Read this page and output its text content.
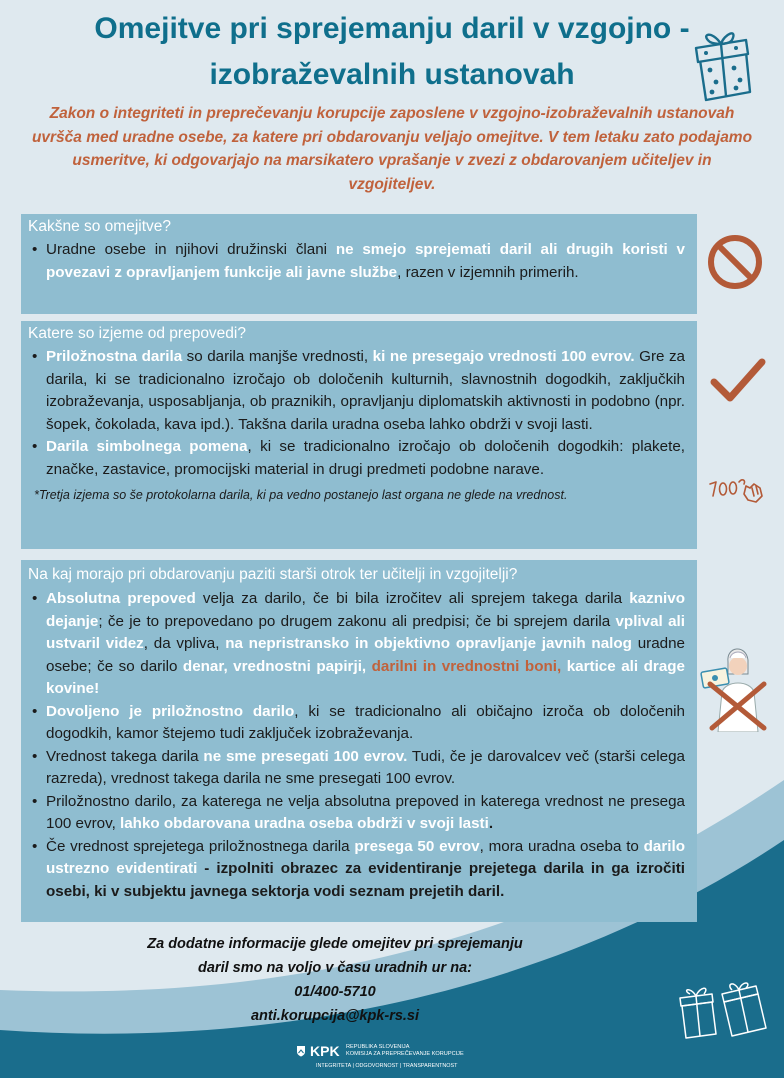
Omejitve pri sprejemanju daril v vzgojno -
izobraževalnih ustanovah
Zakon o integriteti in preprečevanju korupcije zaposlene v vzgojno-izobraževalnih ustanovah uvršča med uradne osebe, za katere pri obdarovanju veljajo omejitve. V tem letaku zato podajamo usmeritve, ki odgovarjajo na marsikatero vprašanje v zvezi z obdarovanjem učiteljev in vzgojiteljev.
Kakšne so omejitve?
• Uradne osebe in njihovi družinski člani ne smejo sprejemati daril ali drugih koristi v povezavi z opravljanjem funkcije ali javne službe, razen v izjemnih primerih.
Katere so izjeme od prepovedi?
• Priložnostna darila so darila manjše vrednosti, ki ne presegajo vrednosti 100 evrov. Gre za darila, ki se tradicionalno izročajo ob določenih kulturnih, slavnostnih dogodkih, zaključkih izobraževanja, usposabljanja, ob praznikih, opravljanju diplomatskih aktivnosti in podobno (npr. šopek, čokolada, kava ipd.). Takšna darila uradna oseba lahko obdrži v svoji lasti.
• Darila simbolnega pomena, ki se tradicionalno izročajo ob določenih dogodkih: plakete, značke, zastavice, promocijski material in drugi predmeti podobne narave.
*Tretja izjema so še protokolarna darila, ki pa vedno postanejo last organa ne glede na vrednost.
Na kaj morajo pri obdarovanju paziti starši otrok ter učitelji in vzgojitelji?
• Absolutna prepoved velja za darilo, če bi bila izročitev ali sprejem takega darila kaznivo dejanje; če je to prepovedano po drugem zakonu ali predpisi; če bi sprejem darila vplival ali ustvaril videz, da vpliva, na nepristransko in objektivno opravljanje javnih nalog uradne osebe; če so darilo denar, vrednostni papirji, darilni in vrednostni boni, kartice ali drage kovine!
• Dovoljeno je priložnostno darilo, ki se tradicionalno ali običajno izroča ob določenih dogodkih, kamor štejemo tudi zaključek izobraževanja.
• Vrednost takega darila ne sme presegati 100 evrov. Tudi, če je darovalcev več (starši celega razreda), vrednost takega darila ne sme presegati 100 evrov.
• Priložnostno darilo, za katerega ne velja absolutna prepoved in katerega vrednost ne presega 100 evrov, lahko obdarovana uradna oseba obdrži v svoji lasti.
• Če vrednost sprejetega priložnostnega darila presega 50 evrov, mora uradna oseba to darilo ustrezno evidentirati - izpolniti obrazec za evidentiranje prejetega darila in ga izročiti osebi, ki v subjektu javnega sektorja vodi seznam prejetih daril.
Za dodatne informacije glede omejitev pri sprejemanju
daril smo na voljo v času uradnih ur na:
01/400-5710
anti.korupcija@kpk-rs.si
KPK REPUBLIKA SLOVENIJA
KOMISIJA ZA PREPREČEVANJE KORUPCIJE
INTEGRITETA | ODGOVORNOST | TRANSPARENTNOST
